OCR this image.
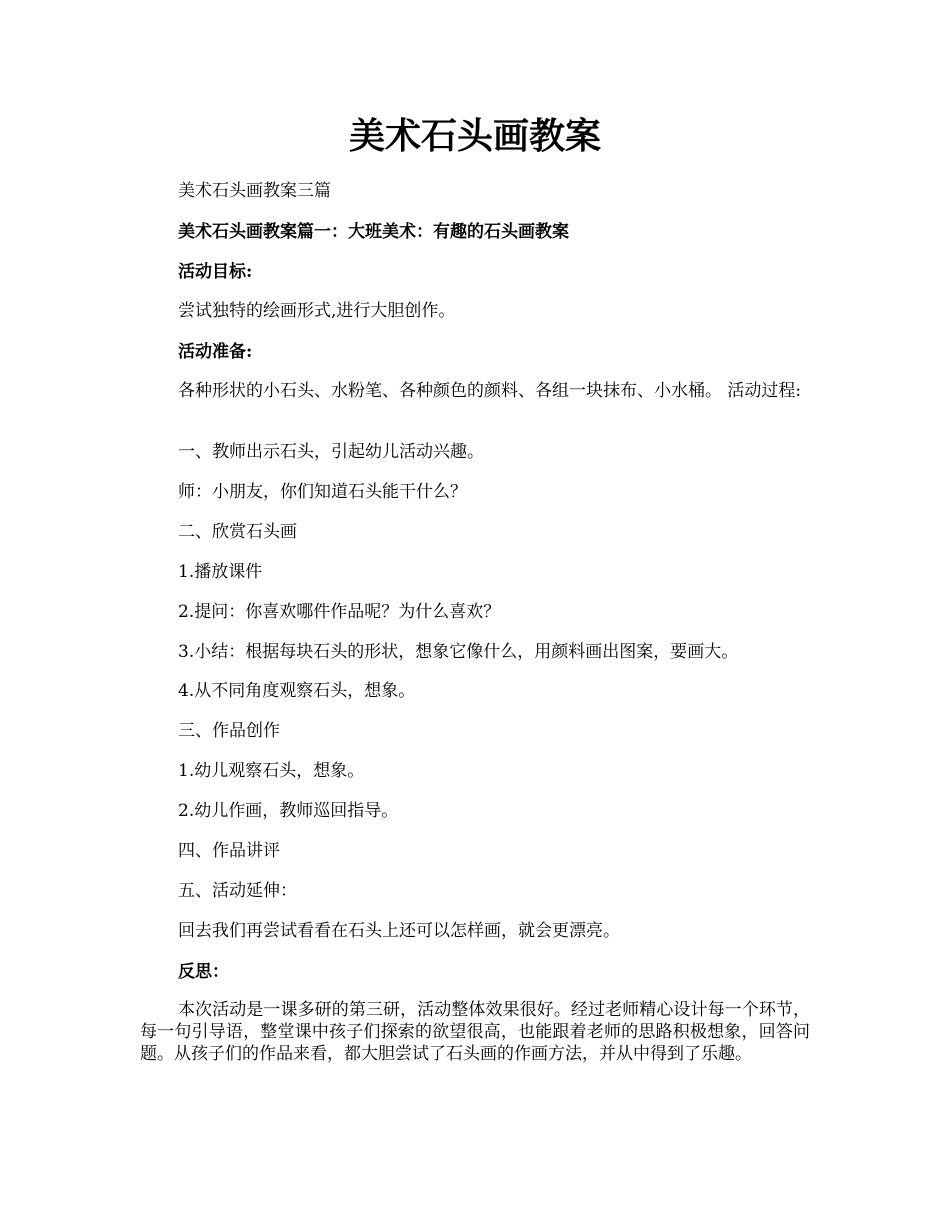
美术石头画教案

美术石头画教案三篇

美术石头画教案篇一：大班美术：有趣的石头画教案

活动目标:

尝试独特的绘画形式,进行大胆创作。

活动准备:

各种形状的小石头、水粉笔、各种颜色的颜料、各组一块抹布、小水桶。 活动过程:

一、教师出示石头，引起幼儿活动兴趣。

师：小朋友，你们知道石头能干什么？

二、欣赏石头画

1.播放课件

2.提问：你喜欢哪件作品呢？为什么喜欢？

3.小结：根据每块石头的形状，想象它像什么，用颜料画出图案，要画大。

4.从不同角度观察石头，想象。

三、作品创作

1.幼儿观察石头，想象。

2.幼儿作画，教师巡回指导。

四、作品讲评

五、活动延伸：

回去我们再尝试看看在石头上还可以怎样画，就会更漂亮。

反思：

本次活动是一课多研的第三研，活动整体效果很好。经过老师精心设计每一个环节，每一句引导语，整堂课中孩子们探索的欲望很高，也能跟着老师的思路积极想象，回答问题。从孩子们的作品来看，都大胆尝试了石头画的作画方法，并从中得到了乐趣。
